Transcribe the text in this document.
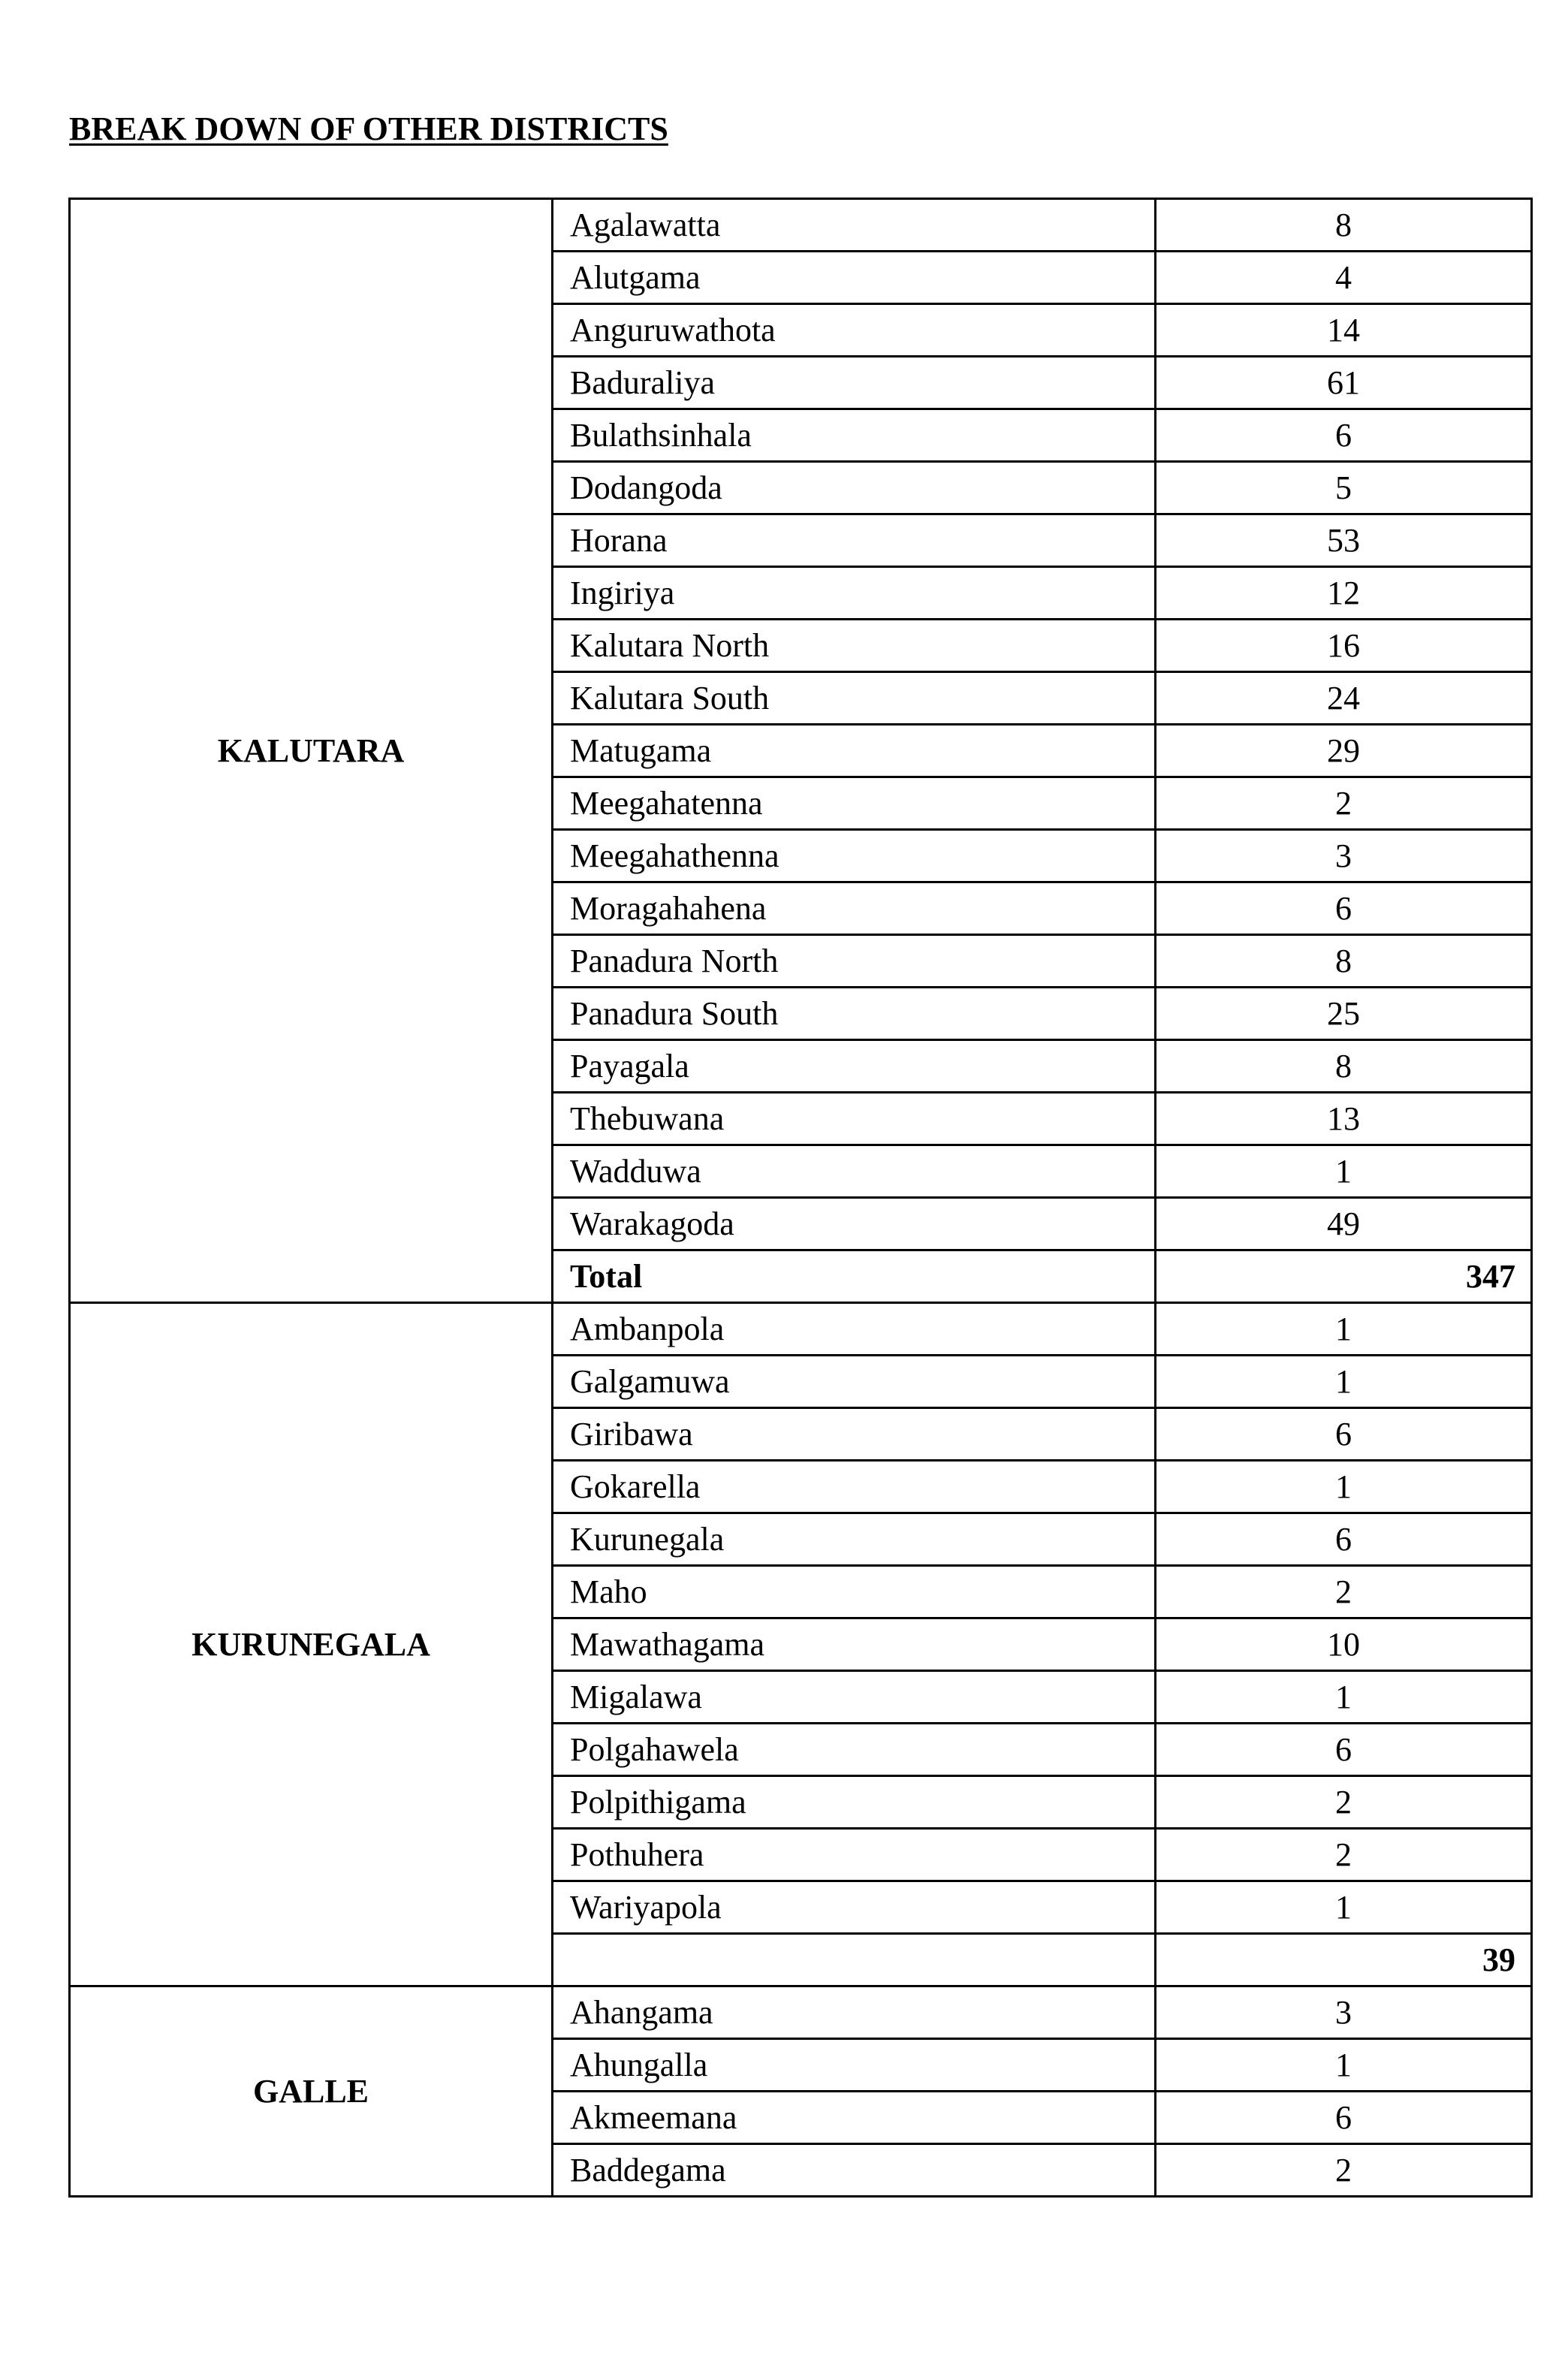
BREAK DOWN OF OTHER DISTRICTS
KALUTARA	Agalawatta	8
	Alutgama	4
	Anguruwathota	14
	Baduraliya	61
	Bulathsinhala	6
	Dodangoda	5
	Horana	53
	Ingiriya	12
	Kalutara North	16
	Kalutara South	24
	Matugama	29
	Meegahatenna	2
	Meegahathenna	3
	Moragahahena	6
	Panadura North	8
	Panadura South	25
	Payagala	8
	Thebuwana	13
	Wadduwa	1
	Warakagoda	49
	Total	347
KURUNEGALA	Ambanpola	1
	Galgamuwa	1
	Giribawa	6
	Gokarella	1
	Kurunegala	6
	Maho	2
	Mawathagama	10
	Migalawa	1
	Polgahawela	6
	Polpithigama	2
	Pothuhera	2
	Wariyapola	1
		39
GALLE	Ahangama	3
	Ahungalla	1
	Akmeemana	6
	Baddegama	2
